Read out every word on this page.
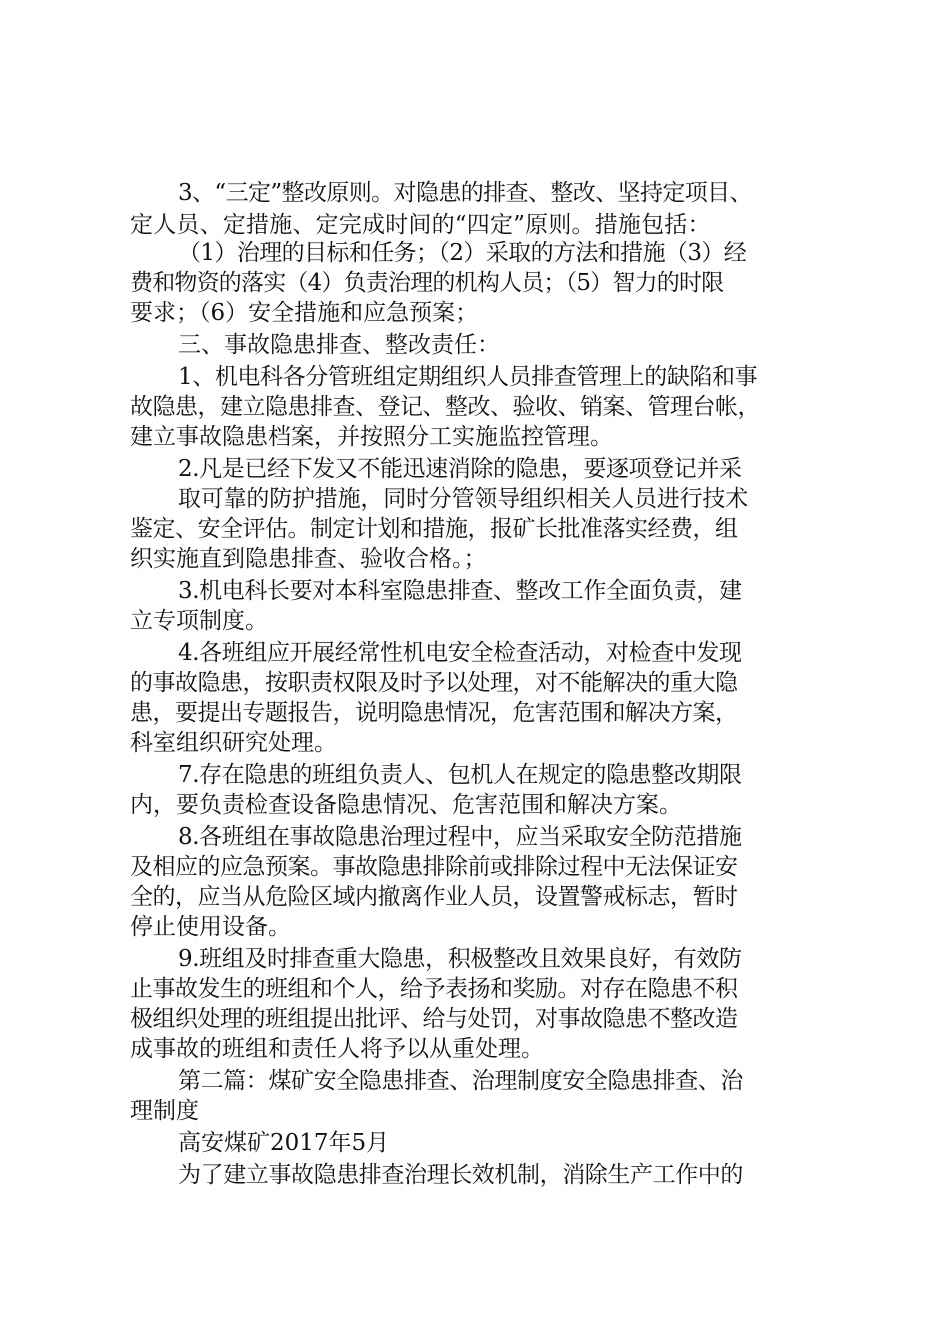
3、“三定”整改原则。对隐患的排查、整改、坚持定项目、
定人员、定措施、定完成时间的“四定”原则。措施包括：
（1）治理的目标和任务；（2）采取的方法和措施（3）经
费和物资的落实（4）负责治理的机构人员；（5）智力的时限
要求；（6）安全措施和应急预案；
三、事故隐患排查、整改责任：
1、机电科各分管班组定期组织人员排查管理上的缺陷和事
故隐患，建立隐患排查、登记、整改、验收、销案、管理台帐，
建立事故隐患档案，并按照分工实施监控管理。
2.凡是已经下发又不能迅速消除的隐患，要逐项登记并采
取可靠的防护措施，同时分管领导组织相关人员进行技术
鉴定、安全评估。制定计划和措施，报矿长批准落实经费，组
织实施直到隐患排查、验收合格。；
3.机电科长要对本科室隐患排查、整改工作全面负责，建
立专项制度。
4.各班组应开展经常性机电安全检查活动，对检查中发现
的事故隐患，按职责权限及时予以处理，对不能解决的重大隐
患，要提出专题报告，说明隐患情况，危害范围和解决方案，
科室组织研究处理。
7.存在隐患的班组负责人、包机人在规定的隐患整改期限
内，要负责检查设备隐患情况、危害范围和解决方案。
8.各班组在事故隐患治理过程中，应当采取安全防范措施
及相应的应急预案。事故隐患排除前或排除过程中无法保证安
全的，应当从危险区域内撤离作业人员，设置警戒标志，暂时
停止使用设备。
9.班组及时排查重大隐患，积极整改且效果良好，有效防
止事故发生的班组和个人，给予表扬和奖励。对存在隐患不积
极组织处理的班组提出批评、给与处罚，对事故隐患不整改造
成事故的班组和责任人将予以从重处理。
第二篇：煤矿安全隐患排查、治理制度安全隐患排查、治
理制度
高安煤矿2017年5月
为了建立事故隐患排查治理长效机制，消除生产工作中的
